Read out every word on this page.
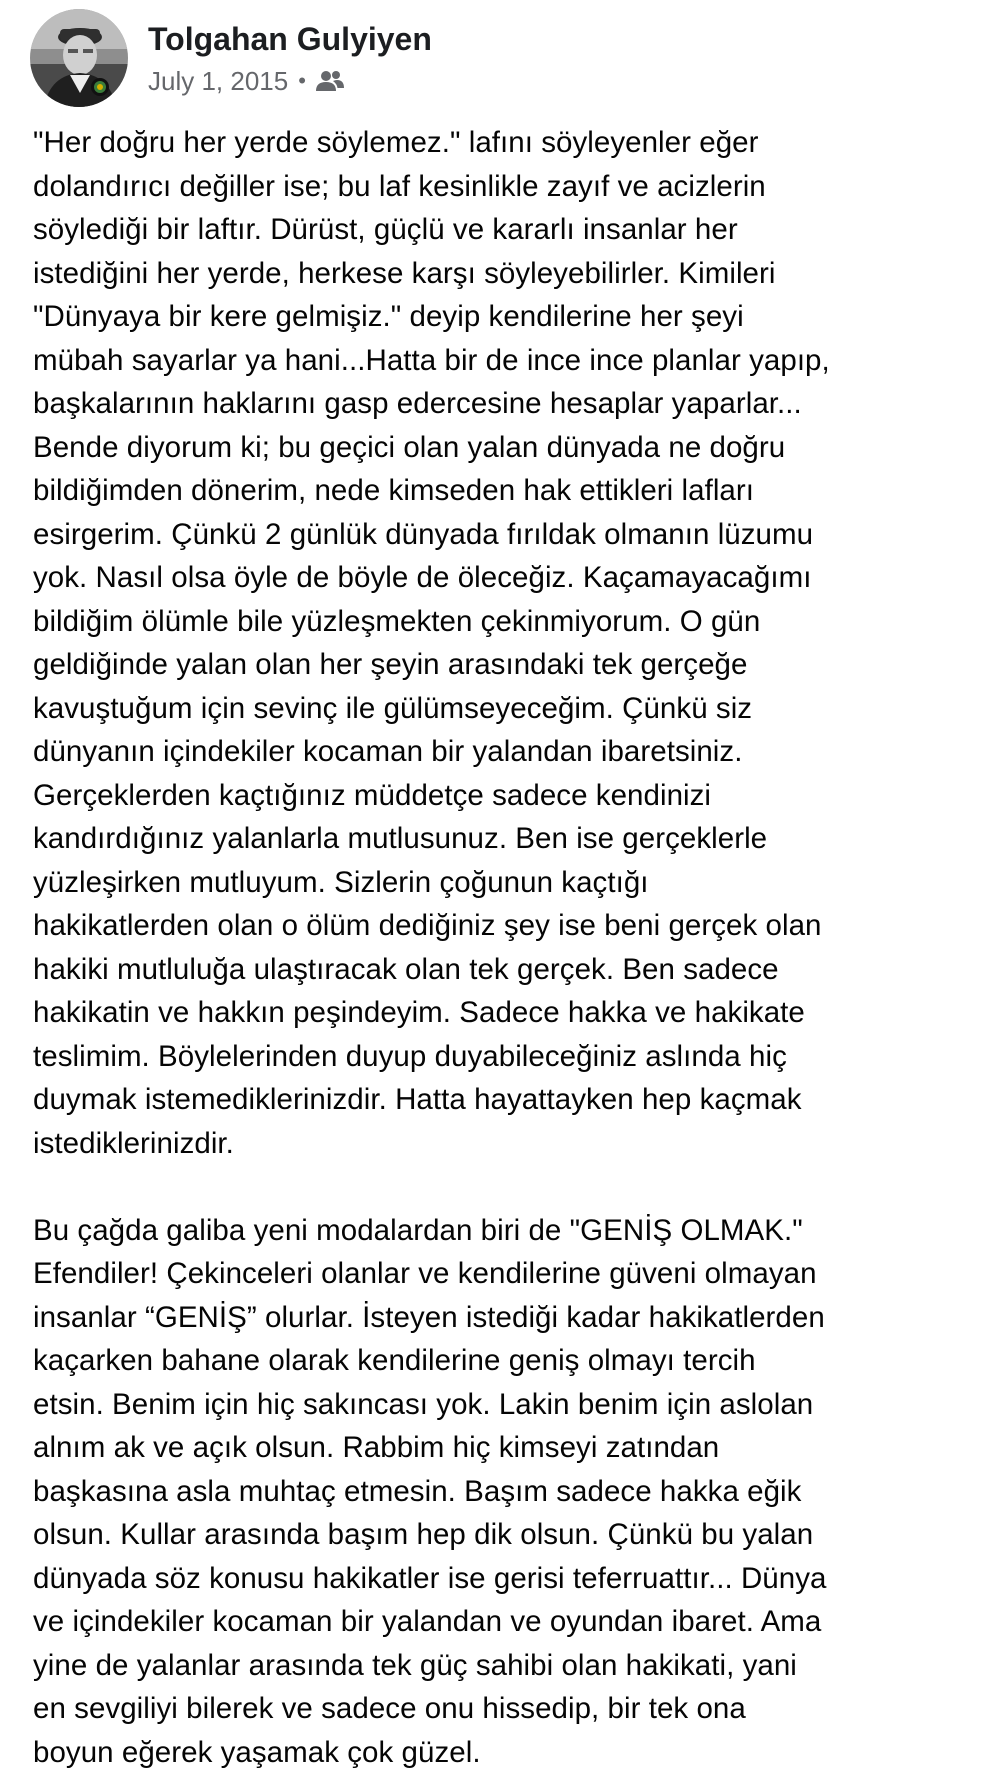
Tolgahan Gulyiyen
July 1, 2015 •

"Her doğru her yerde söylemez." lafını söyleyenler eğer
dolandırıcı değiller ise; bu laf kesinlikle zayıf ve acizlerin
söylediği bir laftır. Dürüst, güçlü ve kararlı insanlar her
istediğini her yerde, herkese karşı söyleyebilirler. Kimileri
"Dünyaya bir kere gelmişiz." deyip kendilerine her şeyi
mübah sayarlar ya hani...Hatta bir de ince ince planlar yapıp,
başkalarının haklarını gasp edercesine hesaplar yaparlar...
Bende diyorum ki; bu geçici olan yalan dünyada ne doğru
bildiğimden dönerim, nede kimseden hak ettikleri lafları
esirgerim. Çünkü 2 günlük dünyada fırıldak olmanın lüzumu
yok. Nasıl olsa öyle de böyle de öleceğiz. Kaçamayacağımı
bildiğim ölümle bile yüzleşmekten çekinmiyorum. O gün
geldiğinde yalan olan her şeyin arasındaki tek gerçeğe
kavuştuğum için sevinç ile gülümseyeceğim. Çünkü siz
dünyanın içindekiler kocaman bir yalandan ibaretsiniz.
Gerçeklerden kaçtığınız müddetçe sadece kendinizi
kandırdığınız yalanlarla mutlusunuz. Ben ise gerçeklerle
yüzleşirken mutluyum. Sizlerin çoğunun kaçtığı
hakikatlerden olan o ölüm dediğiniz şey ise beni gerçek olan
hakiki mutluluğa ulaştıracak olan tek gerçek. Ben sadece
hakikatin ve hakkın peşindeyim. Sadece hakka ve hakikate
teslimim. Böylelerinden duyup duyabileceğiniz aslında hiç
duymak istemediklerinizdir. Hatta hayattayken hep kaçmak
istediklerinizdir.

Bu çağda galiba yeni modalardan biri de "GENİŞ OLMAK."
Efendiler! Çekinceleri olanlar ve kendilerine güveni olmayan
insanlar “GENİŞ” olurlar. İsteyen istediği kadar hakikatlerden
kaçarken bahane olarak kendilerine geniş olmayı tercih
etsin. Benim için hiç sakıncası yok. Lakin benim için aslolan
alnım ak ve açık olsun. Rabbim hiç kimseyi zatından
başkasına asla muhtaç etmesin. Başım sadece hakka eğik
olsun. Kullar arasında başım hep dik olsun. Çünkü bu yalan
dünyada söz konusu hakikatler ise gerisi teferruattır... Dünya
ve içindekiler kocaman bir yalandan ve oyundan ibaret. Ama
yine de yalanlar arasında tek güç sahibi olan hakikati, yani
en sevgiliyi bilerek ve sadece onu hissedip, bir tek ona
boyun eğerek yaşamak çok güzel.
